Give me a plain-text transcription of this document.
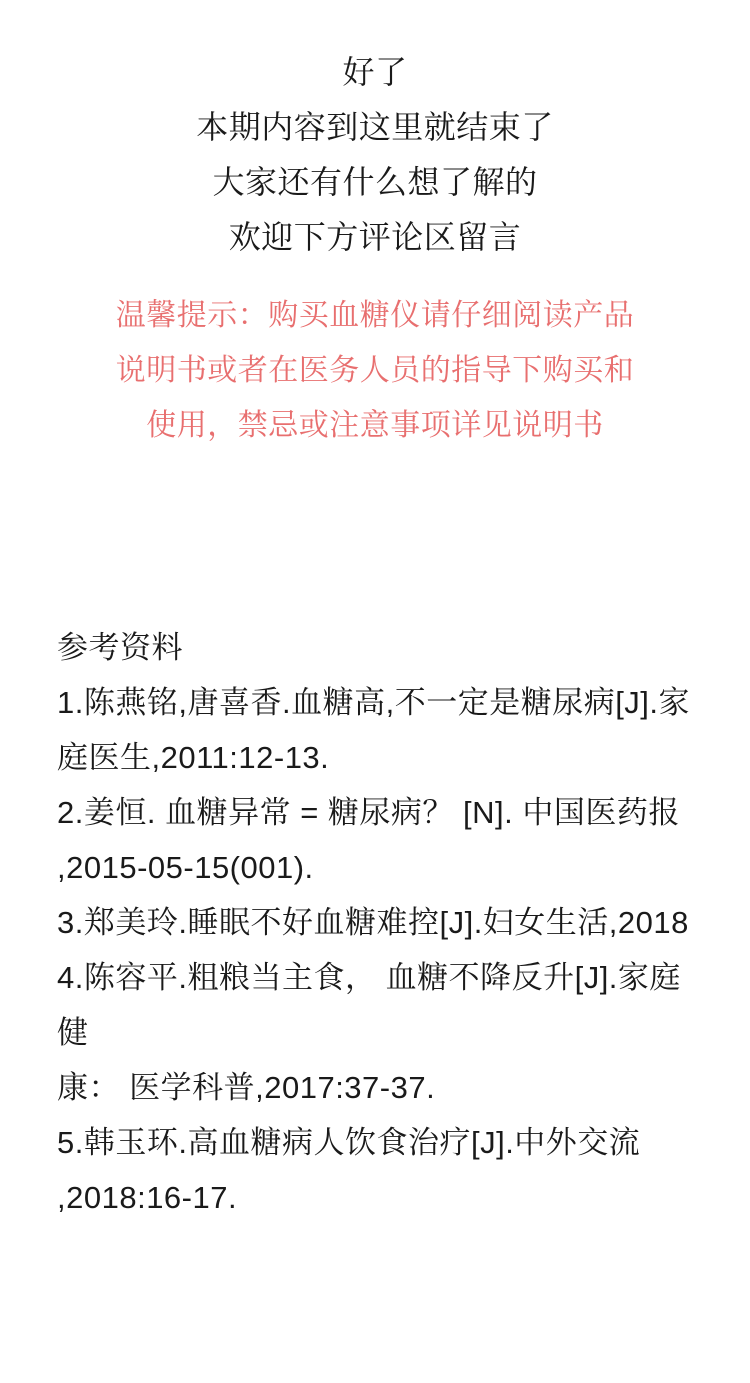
好了
本期内容到这里就结束了
大家还有什么想了解的
欢迎下方评论区留言
温馨提示：购买血糖仪请仔细阅读产品
说明书或者在医务人员的指导下购买和
使用，禁忌或注意事项详见说明书
参考资料
1.陈燕铭,唐喜香.血糖高,不一定是糖尿病[J].家
庭医生,2011:12-13.
2.姜恒. 血糖异常 = 糖尿病？ [N]. 中国医药报
,2015-05-15(001).
3.郑美玲.睡眠不好血糖难控[J].妇女生活,2018
4.陈容平.粗粮当主食， 血糖不降反升[J].家庭健
康： 医学科普,2017:37-37.
5.韩玉环.高血糖病人饮食治疗[J].中外交流
,2018:16-17.
